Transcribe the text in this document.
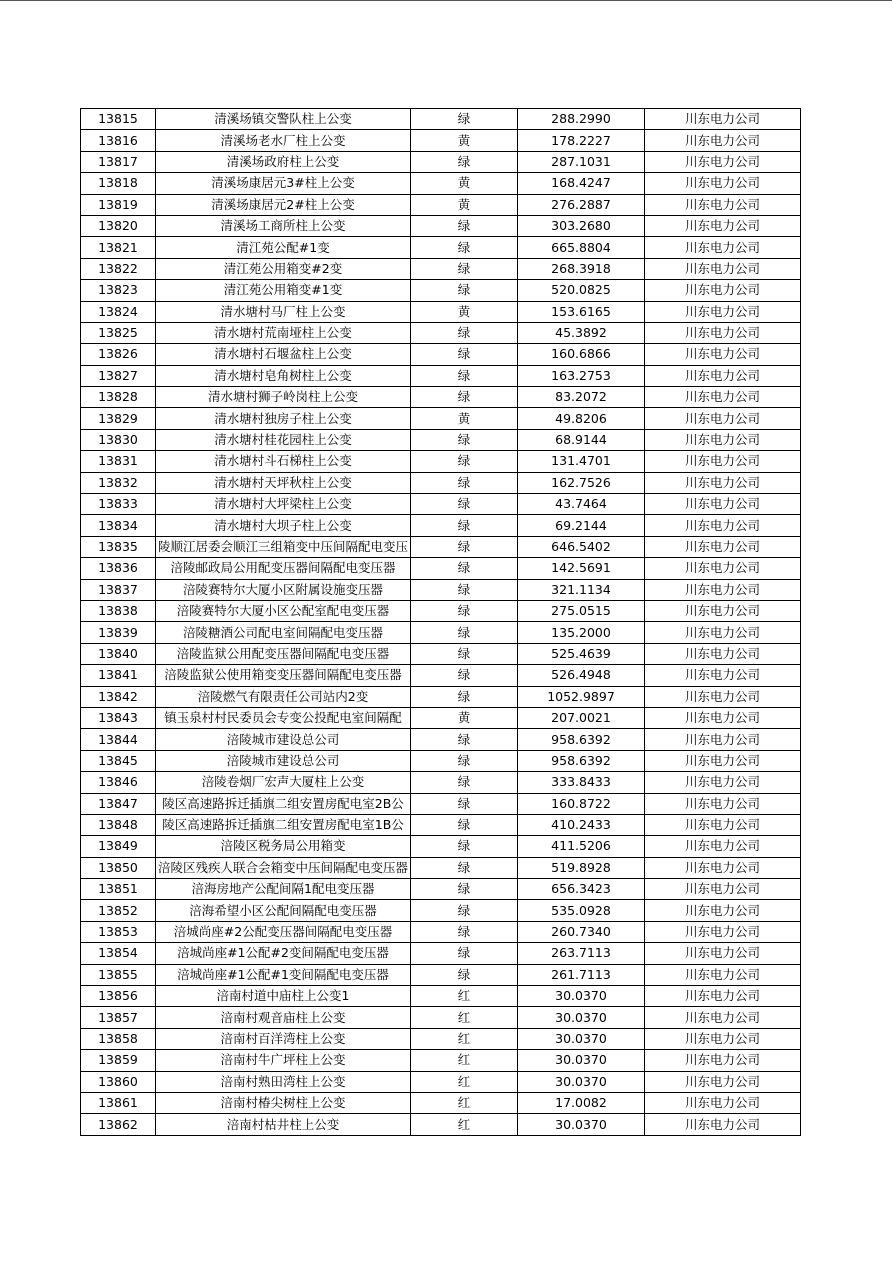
13815	清溪场镇交警队柱上公变	绿	288.2990	川东电力公司
13816	清溪场老水厂柱上公变	黄	178.2227	川东电力公司
13817	清溪场政府柱上公变	绿	287.1031	川东电力公司
13818	清溪场康居元3#柱上公变	黄	168.4247	川东电力公司
13819	清溪场康居元2#柱上公变	黄	276.2887	川东电力公司
13820	清溪场工商所柱上公变	绿	303.2680	川东电力公司
13821	清江苑公配#1变	绿	665.8804	川东电力公司
13822	清江苑公用箱变#2变	绿	268.3918	川东电力公司
13823	清江苑公用箱变#1变	绿	520.0825	川东电力公司
13824	清水塘村马厂柱上公变	黄	153.6165	川东电力公司
13825	清水塘村荒南垭柱上公变	绿	45.3892	川东电力公司
13826	清水塘村石堰盆柱上公变	绿	160.6866	川东电力公司
13827	清水塘村皂角树柱上公变	绿	163.2753	川东电力公司
13828	清水塘村狮子岭岗柱上公变	绿	83.2072	川东电力公司
13829	清水塘村独房子柱上公变	黄	49.8206	川东电力公司
13830	清水塘村桂花园柱上公变	绿	68.9144	川东电力公司
13831	清水塘村斗石梯柱上公变	绿	131.4701	川东电力公司
13832	清水塘村天坪秋柱上公变	绿	162.7526	川东电力公司
13833	清水塘村大坪梁柱上公变	绿	43.7464	川东电力公司
13834	清水塘村大坝子柱上公变	绿	69.2144	川东电力公司
13835	陵顺江居委会顺江三组箱变中压间隔配电变压	绿	646.5402	川东电力公司
13836	涪陵邮政局公用配变压器间隔配电变压器	绿	142.5691	川东电力公司
13837	涪陵赛特尔大厦小区附属设施变压器	绿	321.1134	川东电力公司
13838	涪陵赛特尔大厦小区公配室配电变压器	绿	275.0515	川东电力公司
13839	涪陵糖酒公司配电室间隔配电变压器	绿	135.2000	川东电力公司
13840	涪陵监狱公用配变压器间隔配电变压器	绿	525.4639	川东电力公司
13841	涪陵监狱公使用箱变变压器间隔配电变压器	绿	526.4948	川东电力公司
13842	涪陵燃气有限责任公司站内2变	绿	1052.9897	川东电力公司
13843	镇玉泉村村民委员会专变公投配电室间隔配	黄	207.0021	川东电力公司
13844	涪陵城市建设总公司	绿	958.6392	川东电力公司
13845	涪陵城市建设总公司	绿	958.6392	川东电力公司
13846	涪陵卷烟厂宏声大厦柱上公变	绿	333.8433	川东电力公司
13847	陵区高速路拆迁插旗二组安置房配电室2B公	绿	160.8722	川东电力公司
13848	陵区高速路拆迁插旗二组安置房配电室1B公	绿	410.2433	川东电力公司
13849	涪陵区税务局公用箱变	绿	411.5206	川东电力公司
13850	涪陵区残疾人联合会箱变中压间隔配电变压器	绿	519.8928	川东电力公司
13851	涪海房地产公配间隔1配电变压器	绿	656.3423	川东电力公司
13852	涪海希望小区公配间隔配电变压器	绿	535.0928	川东电力公司
13853	涪城尚座#2公配变压器间隔配电变压器	绿	260.7340	川东电力公司
13854	涪城尚座#1公配#2变间隔配电变压器	绿	263.7113	川东电力公司
13855	涪城尚座#1公配#1变间隔配电变压器	绿	261.7113	川东电力公司
13856	涪南村道中庙柱上公变1	红	30.0370	川东电力公司
13857	涪南村观音庙柱上公变	红	30.0370	川东电力公司
13858	涪南村百洋湾柱上公变	红	30.0370	川东电力公司
13859	涪南村牛广坪柱上公变	红	30.0370	川东电力公司
13860	涪南村熟田湾柱上公变	红	30.0370	川东电力公司
13861	涪南村椿尖树柱上公变	红	17.0082	川东电力公司
13862	涪南村枯井柱上公变	红	30.0370	川东电力公司
